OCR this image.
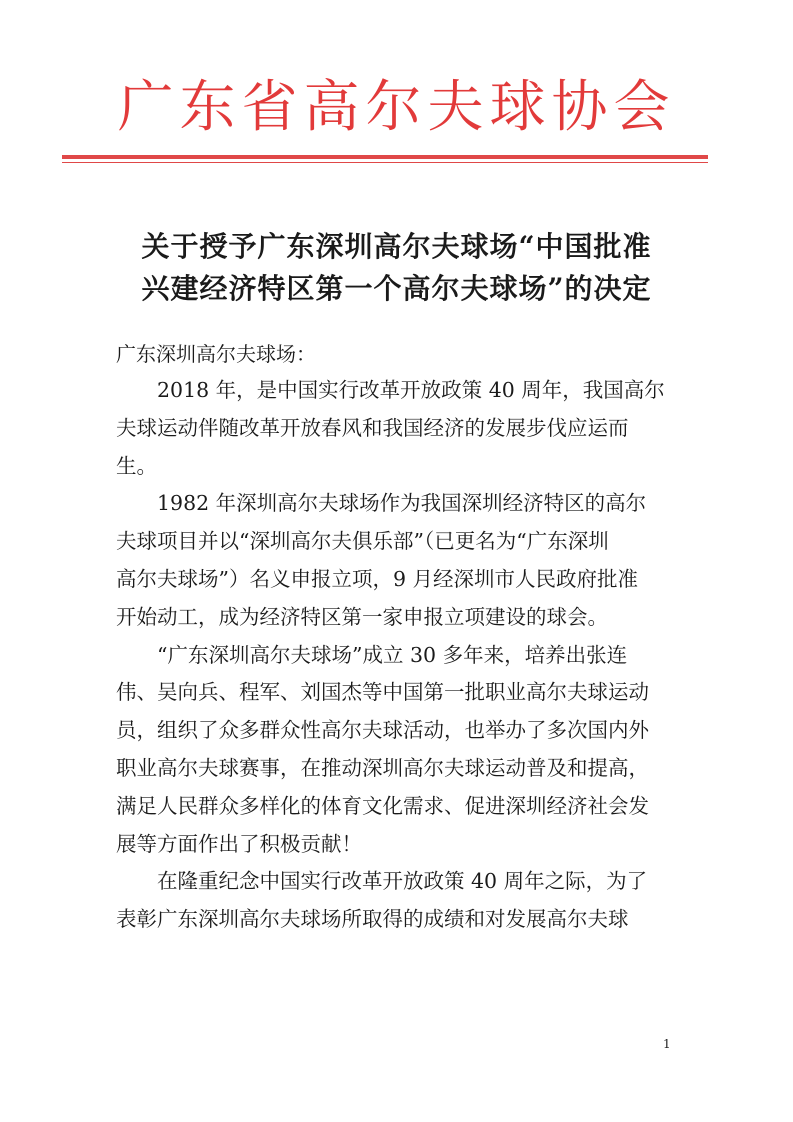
广东省高尔夫球协会
关于授予广东深圳高尔夫球场“中国批准
兴建经济特区第一个高尔夫球场”的决定
广东深圳高尔夫球场：
2018 年，是中国实行改革开放政策 40 周年，我国高尔
夫球运动伴随改革开放春风和我国经济的发展步伐应运而
生。
1982 年深圳高尔夫球场作为我国深圳经济特区的高尔
夫球项目并以“深圳高尔夫俱乐部”（已更名为“广东深圳
高尔夫球场”）名义申报立项，9 月经深圳市人民政府批准
开始动工，成为经济特区第一家申报立项建设的球会。
“广东深圳高尔夫球场”成立 30 多年来，培养出张连
伟、吴向兵、程军、刘国杰等中国第一批职业高尔夫球运动
员，组织了众多群众性高尔夫球活动，也举办了多次国内外
职业高尔夫球赛事，在推动深圳高尔夫球运动普及和提高，
满足人民群众多样化的体育文化需求、促进深圳经济社会发
展等方面作出了积极贡献！
在隆重纪念中国实行改革开放政策 40 周年之际，为了
表彰广东深圳高尔夫球场所取得的成绩和对发展高尔夫球
1
